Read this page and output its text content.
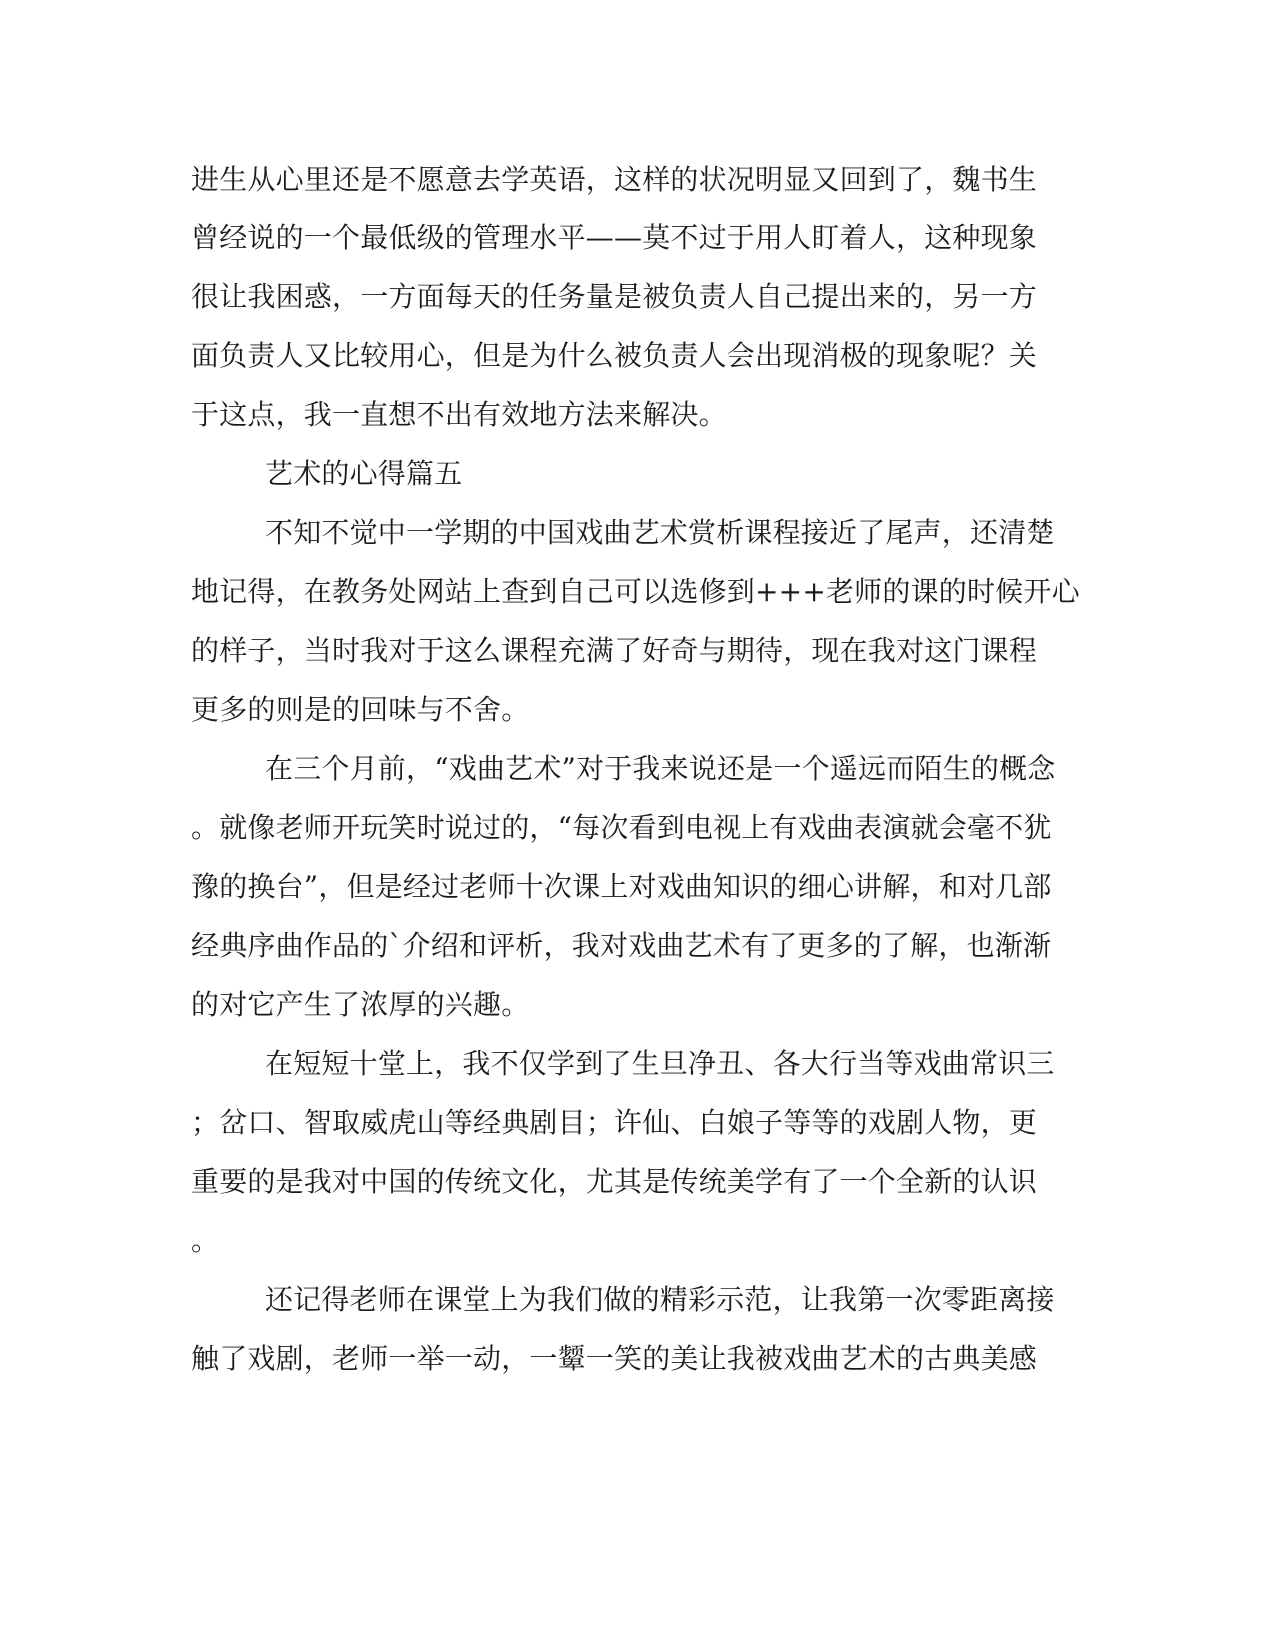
进生从心里还是不愿意去学英语，这样的状况明显又回到了，魏书生
曾经说的一个最低级的管理水平——莫不过于用人盯着人，这种现象
很让我困惑，一方面每天的任务量是被负责人自己提出来的，另一方
面负责人又比较用心，但是为什么被负责人会出现消极的现象呢？关
于这点，我一直想不出有效地方法来解决。
艺术的心得篇五
不知不觉中一学期的中国戏曲艺术赏析课程接近了尾声，还清楚
地记得，在教务处网站上查到自己可以选修到+++老师的课的时候开心
的样子，当时我对于这么课程充满了好奇与期待，现在我对这门课程
更多的则是的回味与不舍。
在三个月前，“戏曲艺术”对于我来说还是一个遥远而陌生的概念
。就像老师开玩笑时说过的，“每次看到电视上有戏曲表演就会毫不犹
豫的换台”，但是经过老师十次课上对戏曲知识的细心讲解，和对几部
经典序曲作品的`介绍和评析，我对戏曲艺术有了更多的了解，也渐渐
的对它产生了浓厚的兴趣。
在短短十堂上，我不仅学到了生旦净丑、各大行当等戏曲常识三
；岔口、智取威虎山等经典剧目；许仙、白娘子等等的戏剧人物，更
重要的是我对中国的传统文化，尤其是传统美学有了一个全新的认识
。
还记得老师在课堂上为我们做的精彩示范，让我第一次零距离接
触了戏剧，老师一举一动，一颦一笑的美让我被戏曲艺术的古典美感
